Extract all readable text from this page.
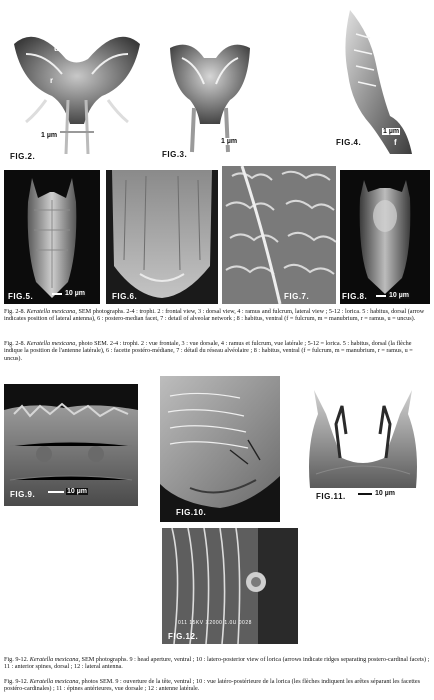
u
r
m
1 µm
FIG.2.
1 µm
FIG.3.
f
1 µm
FIG.4.
10 µm
FIG.5.	FIG.6.	FIG.7.	10 µm
FIG.8.
Fig. 2-8. Keratella mexicana, SEM photographs. 2-4 : trophi. 2 : frontal view, 3 : dorsal view, 4 : ramus and fulcrum, lateral view ; 5-12 : lorica. 5 : habitus, dorsal (arrow indicates position of lateral antenna), 6 : postero-median facet, 7 : detail of alveolar network ; 8 : habitus, ventral (f = fulcrum, m = manubrium, r = ramus, u = uncus).
Fig. 2-8. Keratella mexicana, photo SEM. 2-4 : trophi. 2 : vue frontale, 3 : vue dorsale, 4 : ramus et fulcrum, vue latérale ; 5-12 = lorica. 5 : habitus, dorsal (la flèche indique la position de l'antenne latérale), 6 : facette postéro-médiane, 7 : détail du réseau alvéolaire ; 8 : habitus, ventral (f = fulcrum, m = manubrium, r = ramus, u = uncus).
10 µm
FIG.9.
FIG.10.
10 µm
FIG.11.
011 15KV X2000 1.0U 0028
FIG.12.
Fig. 9-12. Keratella mexicana, SEM photographs. 9 : head aperture, ventral ; 10 : latero-posterior view of lorica (arrows indicate ridges separating postero-cardinal facets) ; 11 : anterior spines, dorsal ; 12 : lateral antenna.
Fig. 9-12. Keratella mexicana, photos SEM. 9 : ouverture de la tête, ventral ; 10 : vue latéro-postérieure de la lorica (les flèches indiquent les arêtes séparant les facettes postéro-cardinales) ; 11 : épines antérieures, vue dorsale ; 12 : antenne latérale.
